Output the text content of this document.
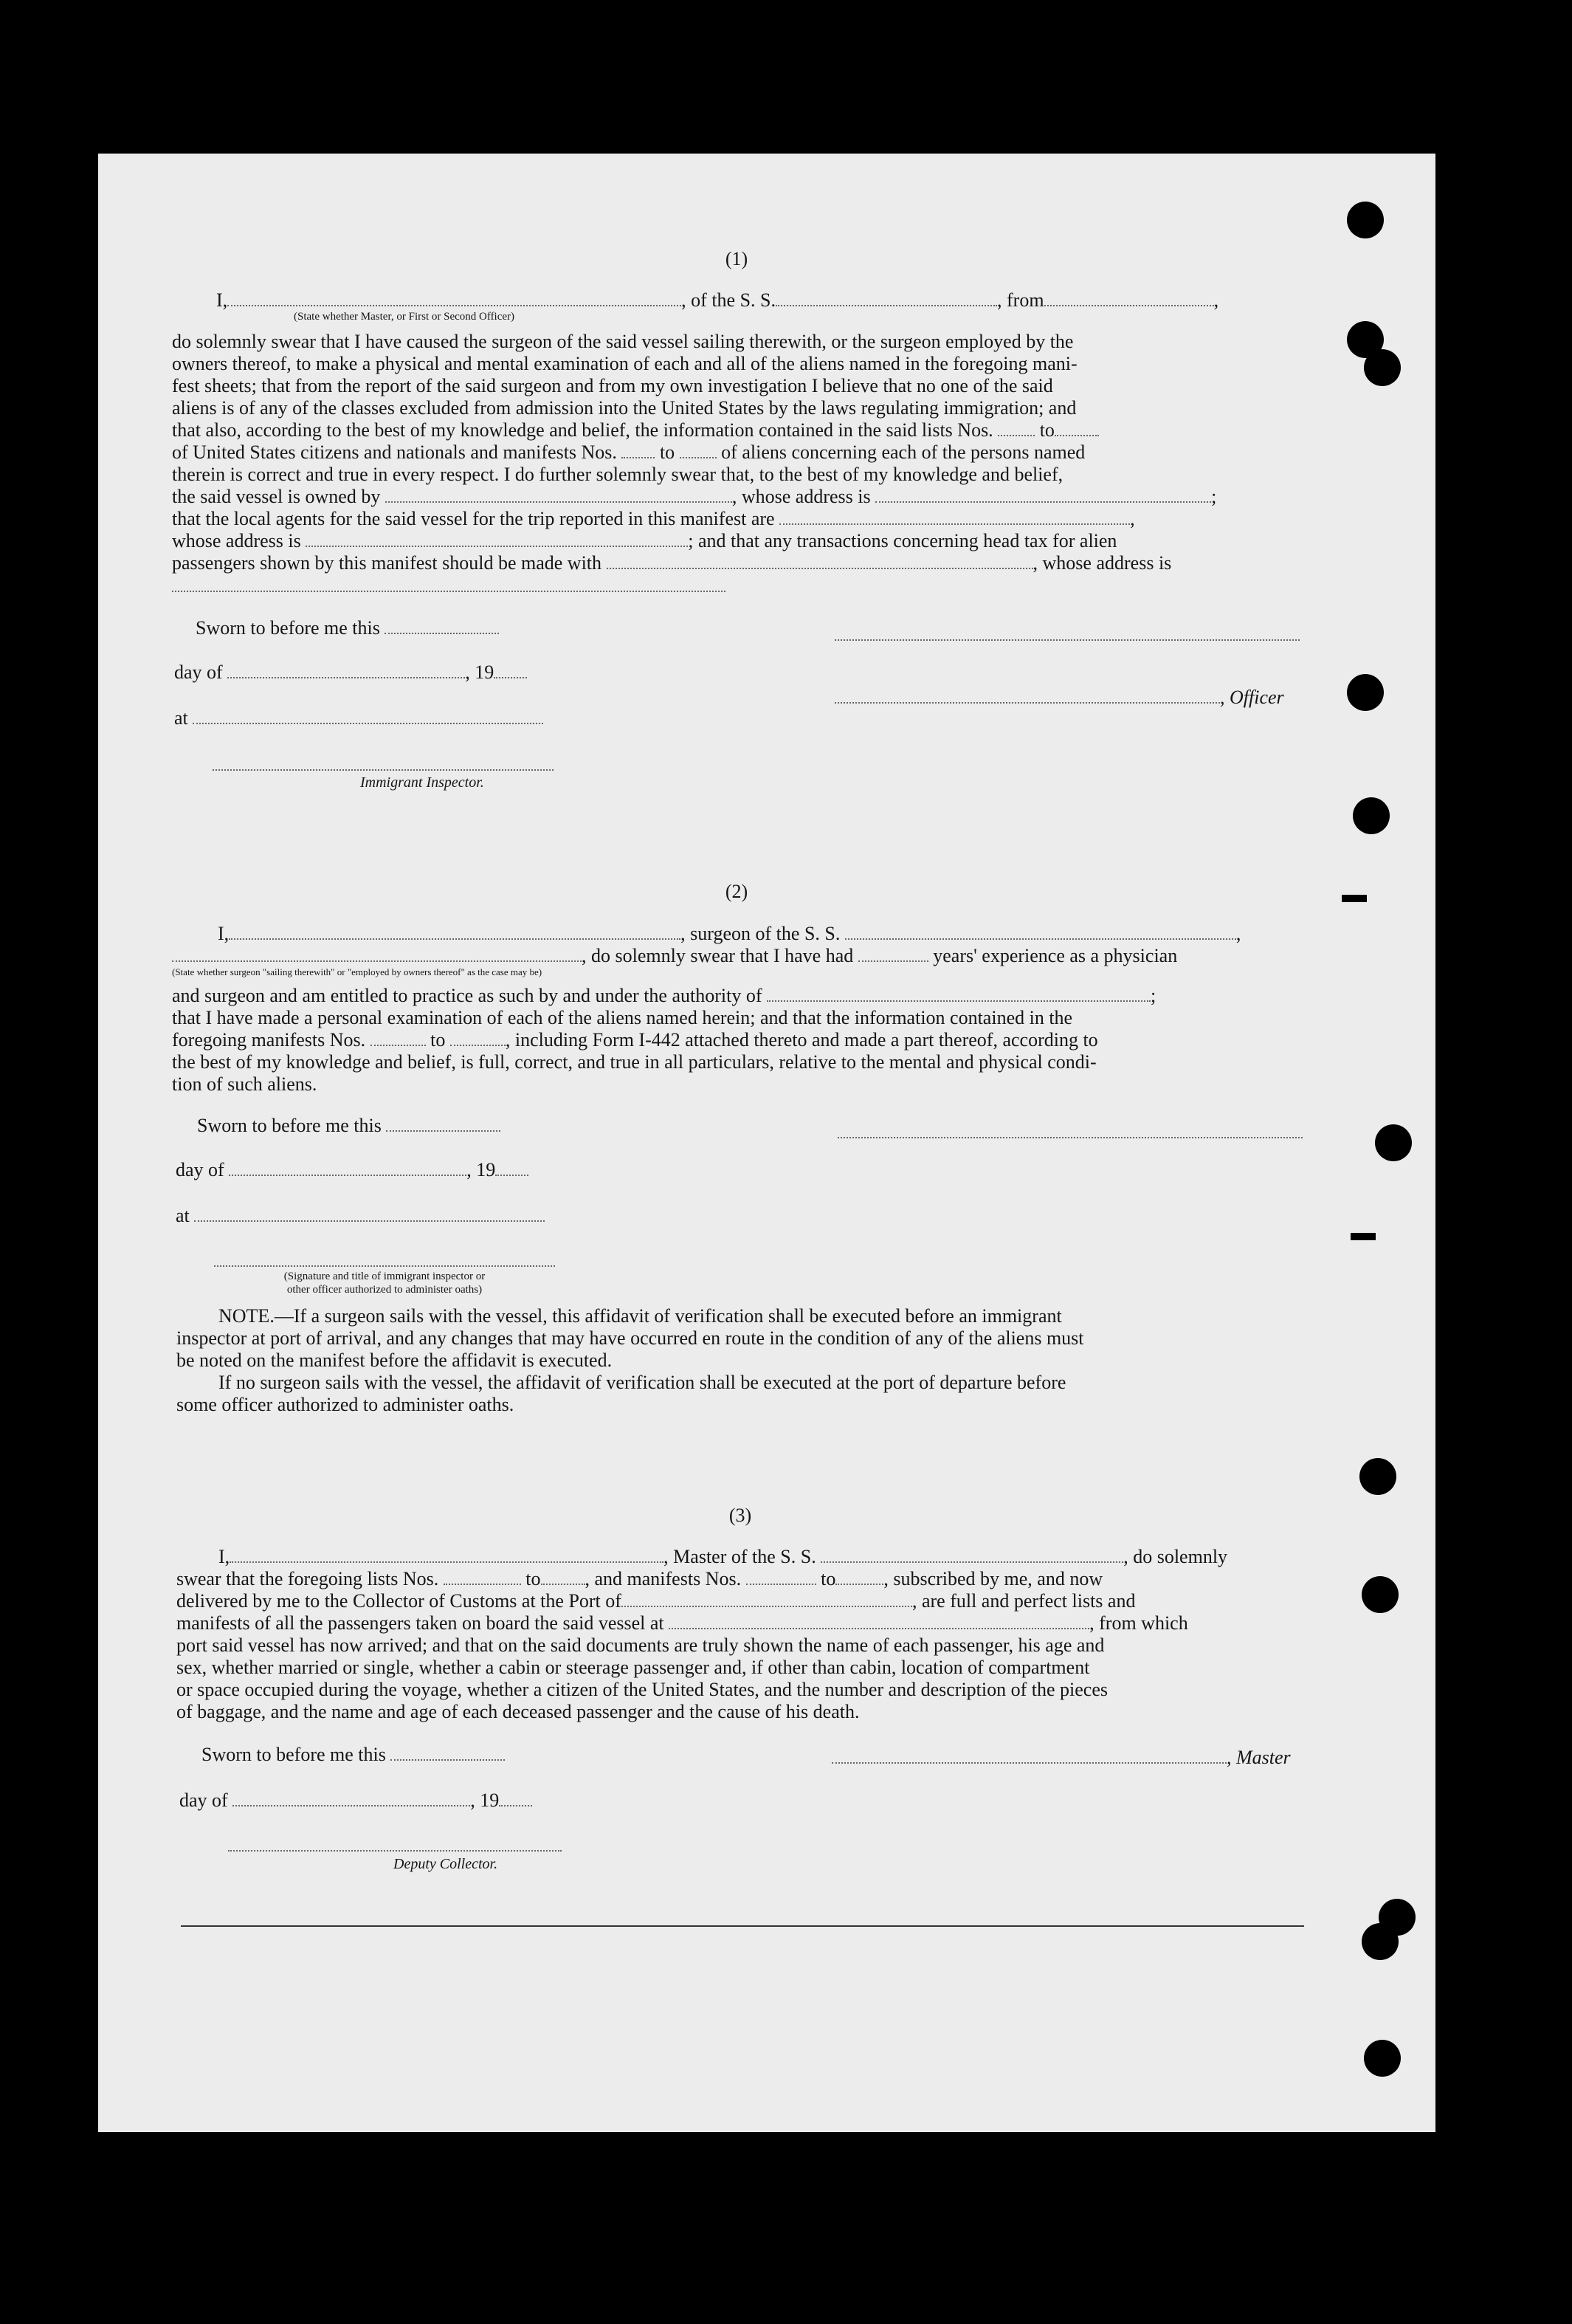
(1)
I,	, of the S. S.	, from	,
(State whether Master, or First or Second Officer)
do solemnly swear that I have caused the surgeon of the said vessel sailing therewith, or the surgeon employed by the
owners thereof, to make a physical and mental examination of each and all of the aliens named in the foregoing mani-
fest sheets; that from the report of the said surgeon and from my own investigation I believe that no one of the said
aliens is of any of the classes excluded from admission into the United States by the laws regulating immigration; and
that also, according to the best of my knowledge and belief, the information contained in the said lists Nos. to
of United States citizens and nationals and manifests Nos. to of aliens concerning each of the persons named
therein is correct and true in every respect. I do further solemnly swear that, to the best of my knowledge and belief,
the said vessel is owned by	, whose address is	;
that the local agents for the said vessel for the trip reported in this manifest are	,
whose address is	; and that any transactions concerning head tax for alien
passengers shown by this manifest should be made with	, whose address is
Sworn to before me this
day of	, 19
, Officer
at
Immigrant Inspector.
(2)
I,	, surgeon of the S. S.	,
, do solemnly swear that I have had	years' experience as a physician
(State whether surgeon "sailing therewith" or "employed by owners thereof" as the case may be)
and surgeon and am entitled to practice as such by and under the authority of	;
that I have made a personal examination of each of the aliens named herein; and that the information contained in the
foregoing manifests Nos.	to	, including Form I-442 attached thereto and made a part thereof, according to
the best of my knowledge and belief, is full, correct, and true in all particulars, relative to the mental and physical condi-
tion of such aliens.
Sworn to before me this
day of	, 19
at
(Signature and title of immigrant inspector or
other officer authorized to administer oaths)
NOTE.—If a surgeon sails with the vessel, this affidavit of verification shall be executed before an immigrant
inspector at port of arrival, and any changes that may have occurred en route in the condition of any of the aliens must
be noted on the manifest before the affidavit is executed.
If no surgeon sails with the vessel, the affidavit of verification shall be executed at the port of departure before
some officer authorized to administer oaths.
(3)
I,	, Master of the S. S.	, do solemnly
swear that the foregoing lists Nos.	to , and manifests Nos.	to	, subscribed by me, and now
delivered by me to the Collector of Customs at the Port of	, are full and perfect lists and
manifests of all the passengers taken on board the said vessel at	, from which
port said vessel has now arrived; and that on the said documents are truly shown the name of each passenger, his age and
sex, whether married or single, whether a cabin or steerage passenger and, if other than cabin, location of compartment
or space occupied during the voyage, whether a citizen of the United States, and the number and description of the pieces
of baggage, and the name and age of each deceased passenger and the cause of his death.
Sworn to before me this	, Master
day of	, 19
Deputy Collector.
